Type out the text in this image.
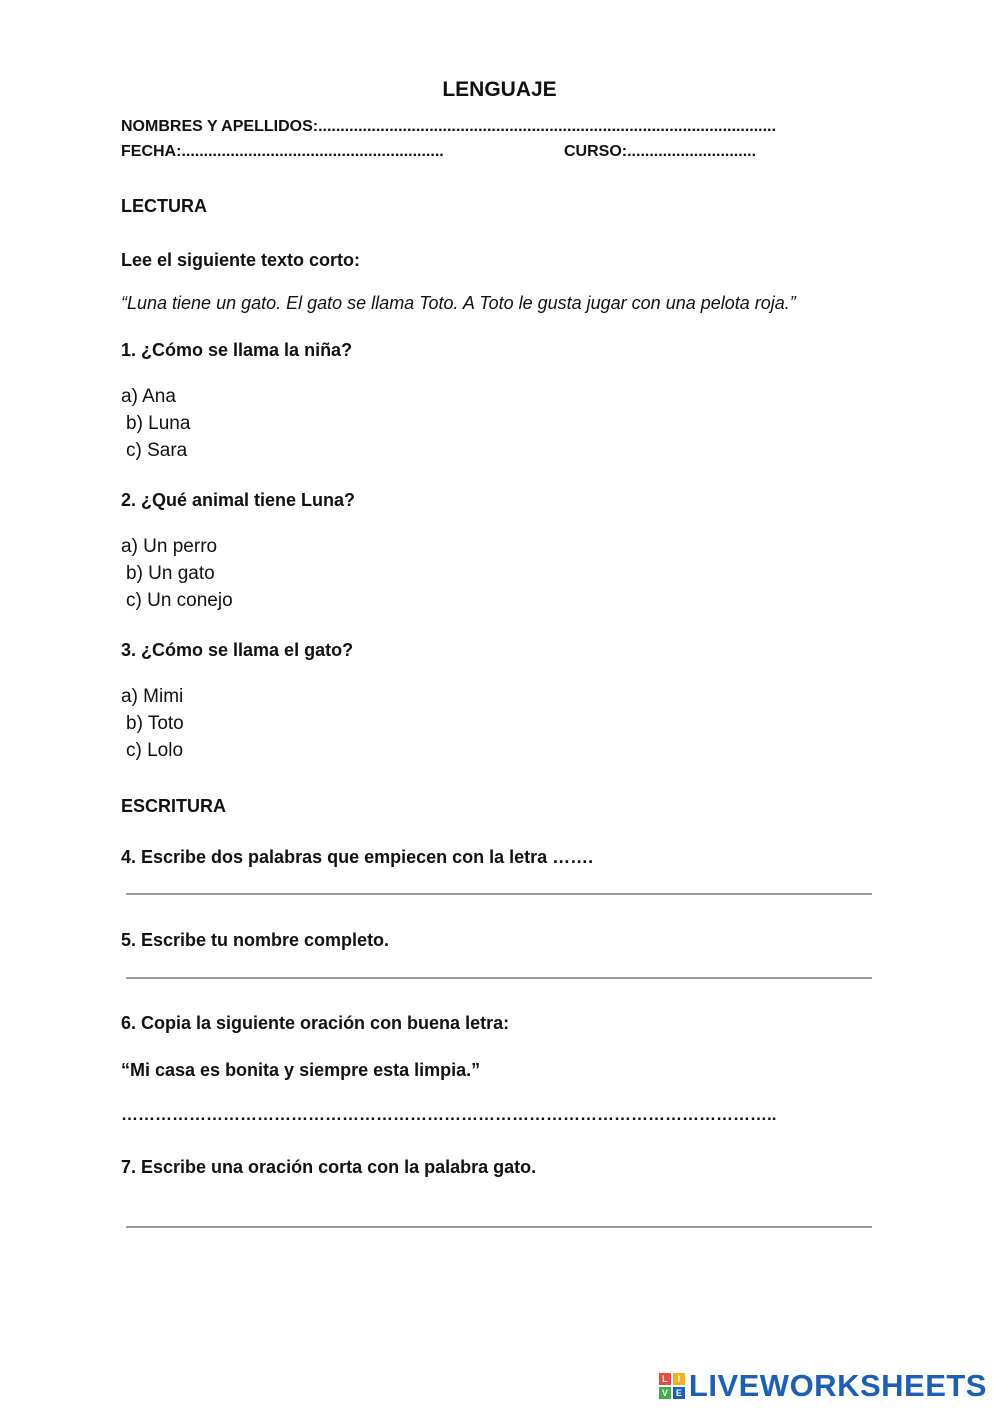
LENGUAJE
NOMBRES Y APELLIDOS:.......................................................................................................
FECHA:...........................................................	CURSO:.............................
LECTURA
Lee el siguiente texto corto:
“Luna tiene un gato. El gato se llama Toto. A Toto le gusta jugar con una pelota roja.”
1. ¿Cómo se llama la niña?
a) Ana
b) Luna
c) Sara
2. ¿Qué animal tiene Luna?
a) Un perro
b) Un gato
c) Un conejo
3. ¿Cómo se llama el gato?
a) Mimi
b) Toto
c) Lolo
ESCRITURA
4. Escribe dos palabras que empiecen con la letra …….
5. Escribe tu nombre completo.
6. Copia la siguiente oración con buena letra:
“Mi casa es bonita y siempre esta limpia.”
……………………………………………………………………………………………………..
7. Escribe una oración corta con la palabra gato.
L	I
V E LIVEWORKSHEETS
